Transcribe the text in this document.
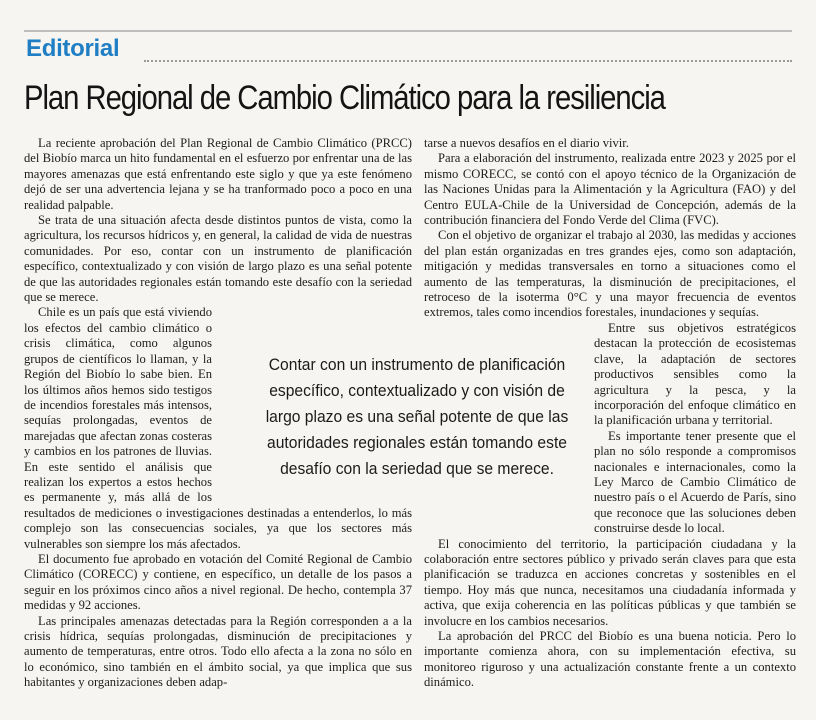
Editorial
Plan Regional de Cambio Climático para la resiliencia

La reciente aprobación del Plan Regional de Cambio Climático (PRCC) del Biobío marca un hito fundamental en el esfuerzo por enfrentar una de las mayores amenazas que está enfrentando este siglo y que ya este fenómeno dejó de ser una advertencia lejana y se ha tranformado poco a poco en una realidad palpable.

Se trata de una situación afecta desde distintos puntos de vista, como la agricultura, los recursos hídricos y, en general, la calidad de vida de nuestras comunidades. Por eso, contar con un instrumento de planificación específico, contextualizado y con visión de largo plazo es una señal potente de que las autoridades regionales están tomando este desafío con la seriedad que se merece.

Chile es un país que está viviendo los efectos del cambio climático o crisis climática, como algunos grupos de científicos lo llaman, y la Región del Biobío lo sabe bien. En los últimos años hemos sido testigos de incendios forestales más intensos, sequías prolongadas, eventos de marejadas que afectan zonas costeras y cambios en los patrones de lluvias. En este sentido el análisis que realizan los expertos a estos hechos es permanente y, más allá de los resultados de mediciones o investigaciones destinadas a entenderlos, lo más complejo son las consecuencias sociales, ya que los sectores más vulnerables son siempre los más afectados.

El documento fue aprobado en votación del Comité Regional de Cambio Climático (CORECC) y contiene, en específico, un detalle de los pasos a seguir en los próximos cinco años a nivel regional. De hecho, contempla 37 medidas y 92 acciones.

Las principales amenazas detectadas para la Región corresponden a a la crisis hídrica, sequías prolongadas, disminución de precipitaciones y aumento de temperaturas, entre otros. Todo ello afecta a la zona no sólo en lo económico, sino también en el ámbito social, ya que implica que sus habitantes y organizaciones deben adap-

tarse a nuevos desafíos en el diario vivir.

Para a elaboración del instrumento, realizada entre 2023 y 2025 por el mismo CORECC, se contó con el apoyo técnico de la Organización de las Naciones Unidas para la Alimentación y la Agricultura (FAO) y del Centro EULA-Chile de la Universidad de Concepción, además de la contribución financiera del Fondo Verde del Clima (FVC).

Con el objetivo de organizar el trabajo al 2030, las medidas y acciones del plan están organizadas en tres grandes ejes, como son adaptación, mitigación y medidas transversales en torno a situaciones como el aumento de las temperaturas, la disminución de precipitaciones, el retroceso de la isoterma 0°C y una mayor frecuencia de eventos extremos, tales como incendios forestales, inundaciones y sequías.

Entre sus objetivos estratégicos destacan la protección de ecosistemas clave, la adaptación de sectores productivos sensibles como la agricultura y la pesca, y la incorporación del enfoque climático en la planificación urbana y territorial.

Es importante tener presente que el plan no sólo responde a compromisos nacionales e internacionales, como la Ley Marco de Cambio Climático de nuestro país o el Acuerdo de París, sino que reconoce que las soluciones deben construirse desde lo local.

El conocimiento del territorio, la participación ciudadana y la colaboración entre sectores público y privado serán claves para que esta planificación se traduzca en acciones concretas y sostenibles en el tiempo. Hoy más que nunca, necesitamos una ciudadanía informada y activa, que exija coherencia en las políticas públicas y que también se involucre en los cambios necesarios.

La aprobación del PRCC del Biobío es una buena noticia. Pero lo importante comienza ahora, con su implementación efectiva, su monitoreo riguroso y una actualización constante frente a un contexto dinámico.

Contar con un instrumento de planificación específico, contextualizado y con visión de largo plazo es una señal potente de que las autoridades regionales están tomando este desafío con la seriedad que se merece.
